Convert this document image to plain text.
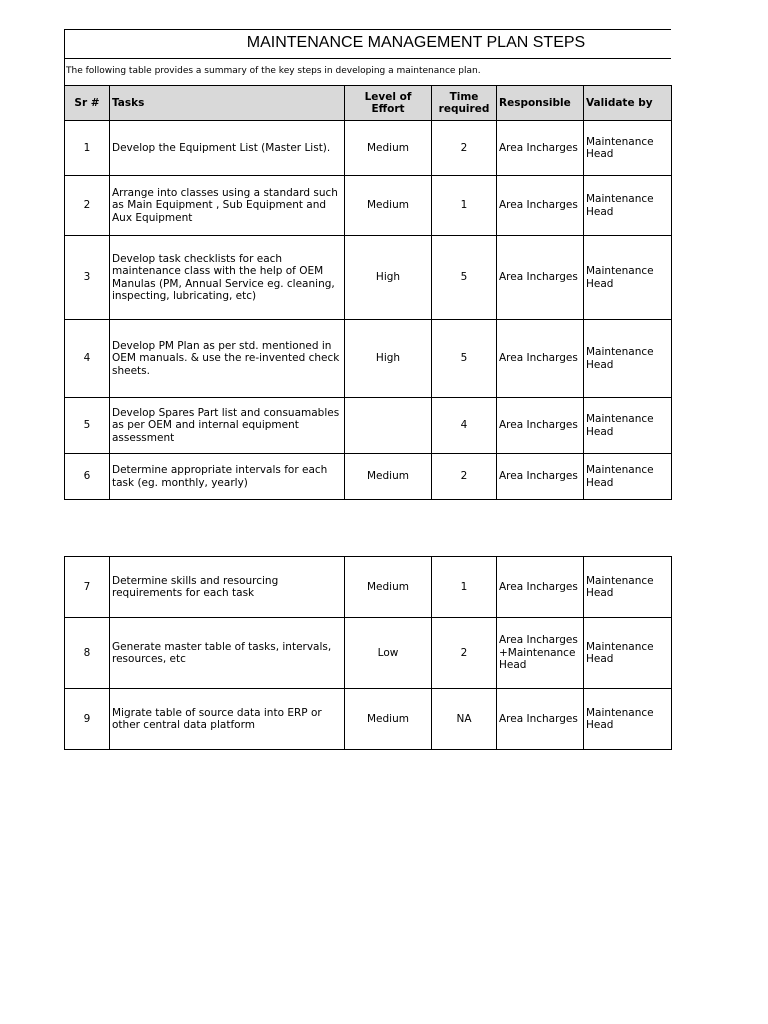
MAINTENANCE MANAGEMENT PLAN STEPS
The following table provides a summary of the key steps in developing a maintenance plan.
Sr #	Tasks	Level of Effort	Time required	Responsible	Validate by
1	Develop the Equipment List (Master List).	Medium	2	Area Incharges	Maintenance Head
2	Arrange into classes using a standard such as Main Equipment , Sub Equipment and Aux Equipment	Medium	1	Area Incharges	Maintenance Head
3	Develop task checklists for each maintenance class with the help of OEM Manulas (PM, Annual Service eg. cleaning, inspecting, lubricating, etc)	High	5	Area Incharges	Maintenance Head
4	Develop PM Plan as per std. mentioned in OEM manuals. & use the re-invented check sheets.	High	5	Area Incharges	Maintenance Head
5	Develop Spares Part list and consuamables as per OEM and internal equipment assessment		4	Area Incharges	Maintenance Head
6	Determine appropriate intervals for each task (eg. monthly, yearly)	Medium	2	Area Incharges	Maintenance Head
7	Determine skills and resourcing requirements for each task	Medium	1	Area Incharges	Maintenance Head
8	Generate master table of tasks, intervals, resources, etc	Low	2	Area Incharges +Maintenance Head	Maintenance Head
9	Migrate table of source data into ERP or other central data platform	Medium	NA	Area Incharges	Maintenance Head
